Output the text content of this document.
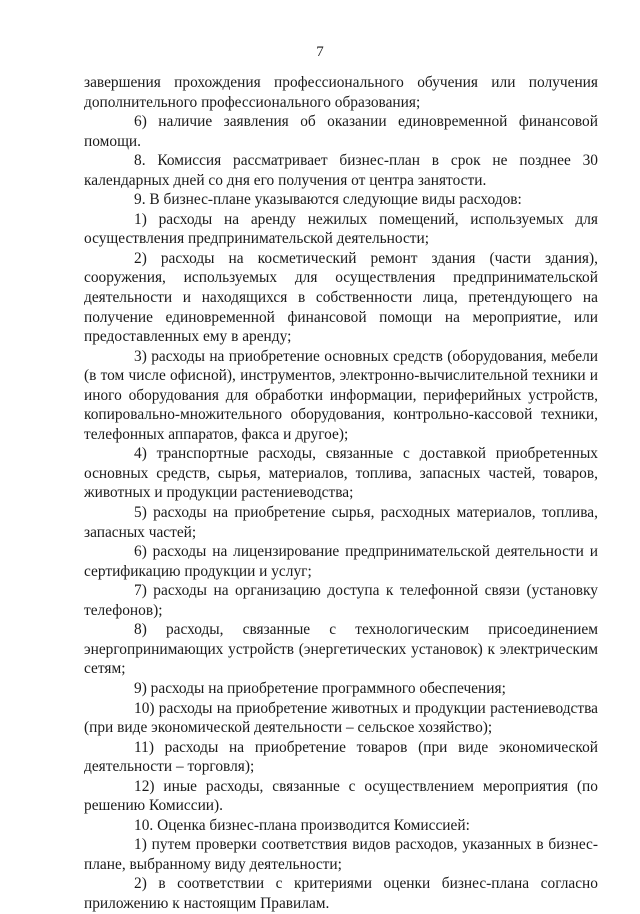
7

завершения прохождения профессионального обучения или получения дополнительного профессионального образования;

6) наличие заявления об оказании единовременной финансовой помощи.

8. Комиссия рассматривает бизнес-план в срок не позднее 30 календарных дней со дня его получения от центра занятости.

9. В бизнес-плане указываются следующие виды расходов:

1) расходы на аренду нежилых помещений, используемых для осуществления предпринимательской деятельности;

2) расходы на косметический ремонт здания (части здания), сооружения, используемых для осуществления предпринимательской деятельности и находящихся в собственности лица, претендующего на получение единовременной финансовой помощи на мероприятие, или предоставленных ему в аренду;

3) расходы на приобретение основных средств (оборудования, мебели (в том числе офисной), инструментов, электронно-вычислительной техники и иного оборудования для обработки информации, периферийных устройств, копировально-множительного оборудования, контрольно-кассовой техники, телефонных аппаратов, факса и другое);

4) транспортные расходы, связанные с доставкой приобретенных основных средств, сырья, материалов, топлива, запасных частей, товаров, животных и продукции растениеводства;

5) расходы на приобретение сырья, расходных материалов, топлива, запасных частей;

6) расходы на лицензирование предпринимательской деятельности и сертификацию продукции и услуг;

7) расходы на организацию доступа к телефонной связи (установку телефонов);

8) расходы, связанные с технологическим присоединением энергопринимающих устройств (энергетических установок) к электрическим сетям;

9) расходы на приобретение программного обеспечения;

10) расходы на приобретение животных и продукции растениеводства (при виде экономической деятельности – сельское хозяйство);

11) расходы на приобретение товаров (при виде экономической деятельности – торговля);

12) иные расходы, связанные с осуществлением мероприятия (по решению Комиссии).

10. Оценка бизнес-плана производится Комиссией:

1) путем проверки соответствия видов расходов, указанных в бизнес-плане, выбранному виду деятельности;

2) в соответствии с критериями оценки бизнес-плана согласно приложению к настоящим Правилам.
